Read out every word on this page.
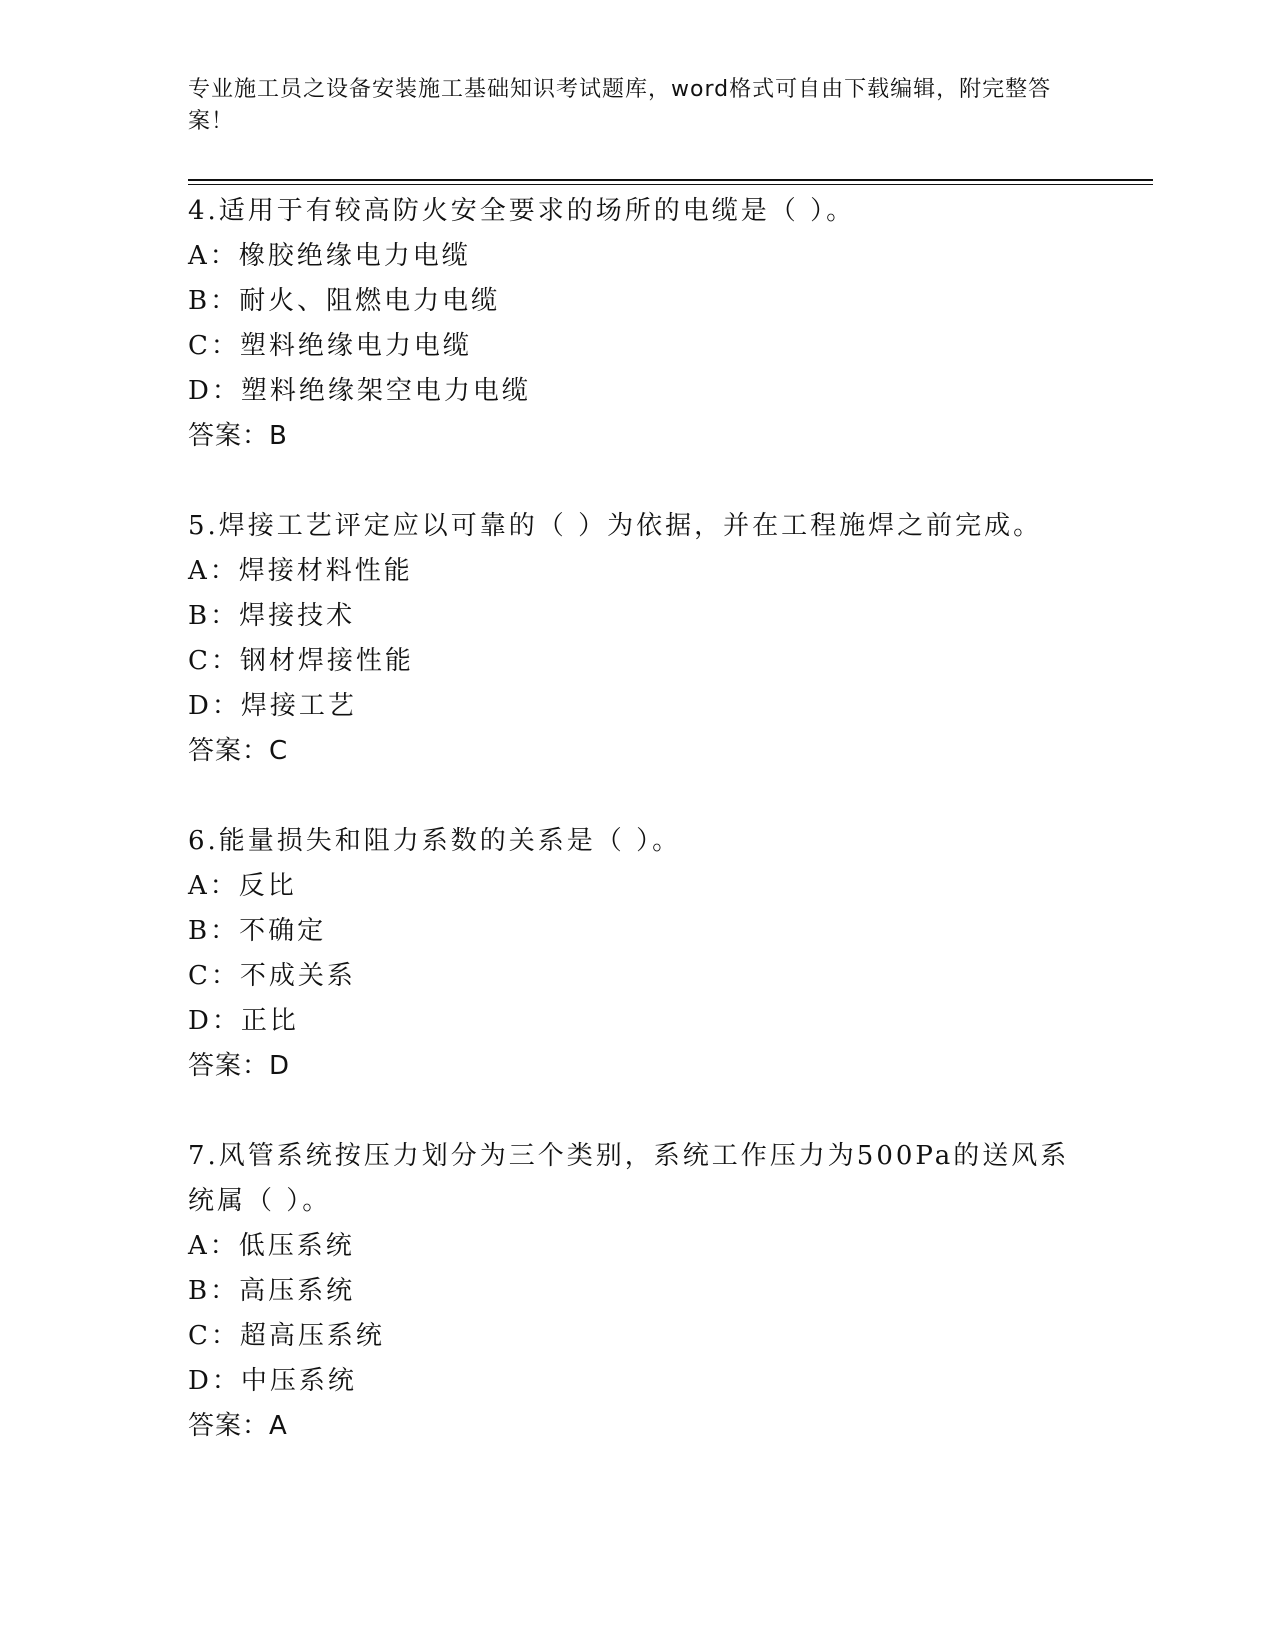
专业施工员之设备安装施工基础知识考试题库，word格式可自由下载编辑，附完整答案！
4.适用于有较高防火安全要求的场所的电缆是（ ）。
A：橡胶绝缘电力电缆
B：耐火、阻燃电力电缆
C：塑料绝缘电力电缆
D：塑料绝缘架空电力电缆
答案：B
5.焊接工艺评定应以可靠的（ ）为依据，并在工程施焊之前完成。
A：焊接材料性能
B：焊接技术
C：钢材焊接性能
D：焊接工艺
答案：C
6.能量损失和阻力系数的关系是（ ）。
A：反比
B：不确定
C：不成关系
D：正比
答案：D
7.风管系统按压力划分为三个类别，系统工作压力为500Pa的送风系统属（ ）。
A：低压系统
B：高压系统
C：超高压系统
D：中压系统
答案：A
